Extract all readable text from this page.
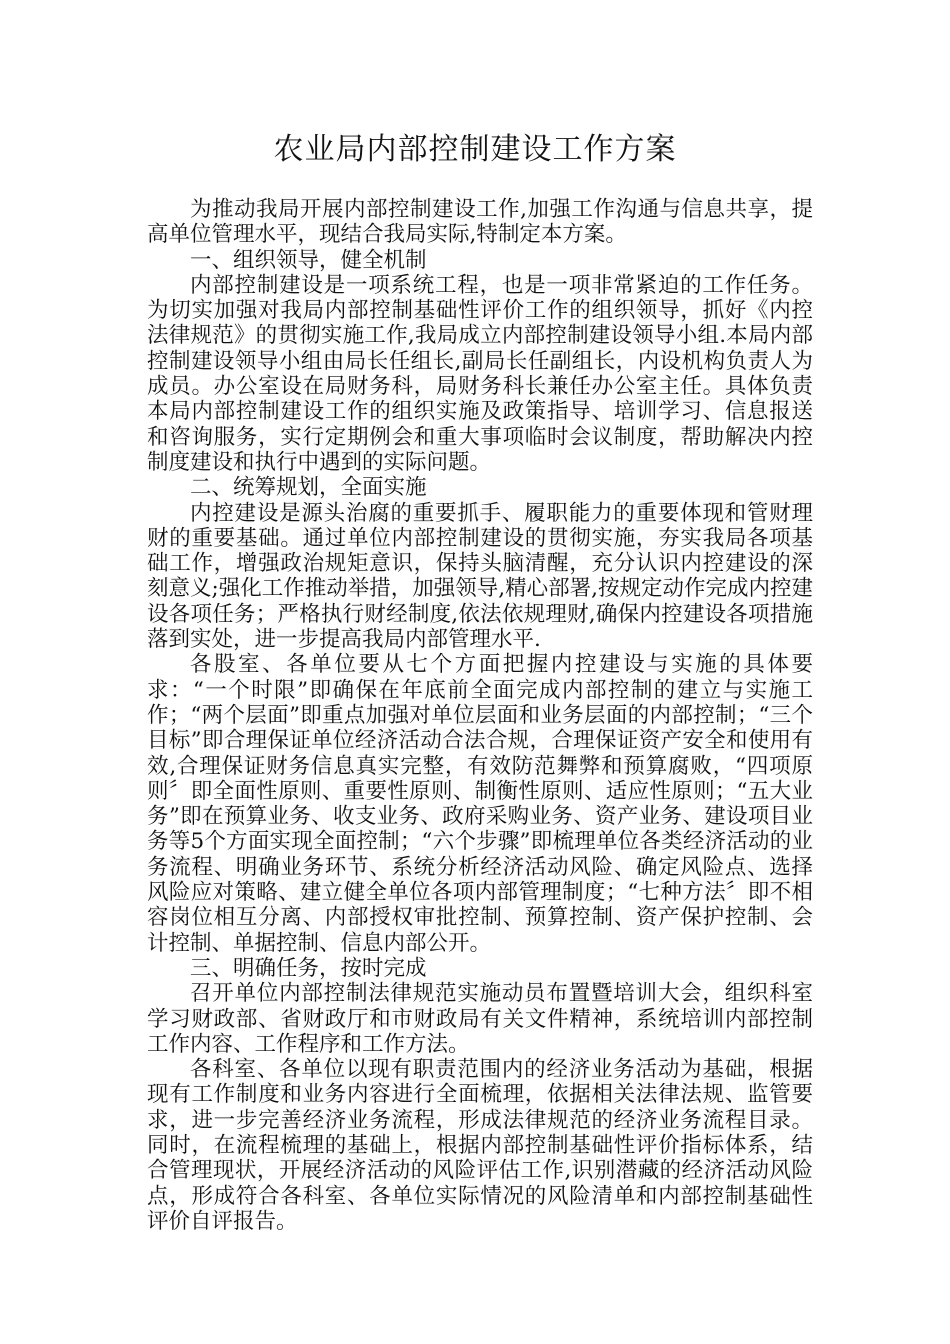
农业局内部控制建设工作方案

为推动我局开展内部控制建设工作,加强工作沟通与信息共享，提高单位管理水平，现结合我局实际,特制定本方案。

一、组织领导，健全机制

内部控制建设是一项系统工程，也是一项非常紧迫的工作任务。为切实加强对我局内部控制基础性评价工作的组织领导，抓好《内控法律规范》的贯彻实施工作,我局成立内部控制建设领导小组.本局内部控制建设领导小组由局长任组长,副局长任副组长，内设机构负责人为成员。办公室设在局财务科，局财务科长兼任办公室主任。具体负责本局内部控制建设工作的组织实施及政策指导、培训学习、信息报送和咨询服务，实行定期例会和重大事项临时会议制度，帮助解决内控制度建设和执行中遇到的实际问题。

二、统筹规划，全面实施

内控建设是源头治腐的重要抓手、履职能力的重要体现和管财理财的重要基础。通过单位内部控制建设的贯彻实施，夯实我局各项基础工作，增强政治规矩意识，保持头脑清醒，充分认识内控建设的深刻意义;强化工作推动举措，加强领导,精心部署,按规定动作完成内控建设各项任务；严格执行财经制度,依法依规理财,确保内控建设各项措施落到实处，进一步提高我局内部管理水平.

各股室、各单位要从七个方面把握内控建设与实施的具体要求：“一个时限”即确保在年底前全面完成内部控制的建立与实施工作；“两个层面”即重点加强对单位层面和业务层面的内部控制；“三个目标”即合理保证单位经济活动合法合规，合理保证资产安全和使用有效,合理保证财务信息真实完整，有效防范舞弊和预算腐败，“四项原则〞即全面性原则、重要性原则、制衡性原则、适应性原则；“五大业务”即在预算业务、收支业务、政府采购业务、资产业务、建设项目业务等5个方面实现全面控制；“六个步骤”即梳理单位各类经济活动的业务流程、明确业务环节、系统分析经济活动风险、确定风险点、选择风险应对策略、建立健全单位各项内部管理制度；“七种方法〞即不相容岗位相互分离、内部授权审批控制、预算控制、资产保护控制、会计控制、单据控制、信息内部公开。

三、明确任务，按时完成

召开单位内部控制法律规范实施动员布置暨培训大会，组织科室学习财政部、省财政厅和市财政局有关文件精神，系统培训内部控制工作内容、工作程序和工作方法。

各科室、各单位以现有职责范围内的经济业务活动为基础，根据现有工作制度和业务内容进行全面梳理，依据相关法律法规、监管要求，进一步完善经济业务流程，形成法律规范的经济业务流程目录。同时，在流程梳理的基础上，根据内部控制基础性评价指标体系，结合管理现状，开展经济活动的风险评估工作,识别潜藏的经济活动风险点，形成符合各科室、各单位实际情况的风险清单和内部控制基础性评价自评报告。
